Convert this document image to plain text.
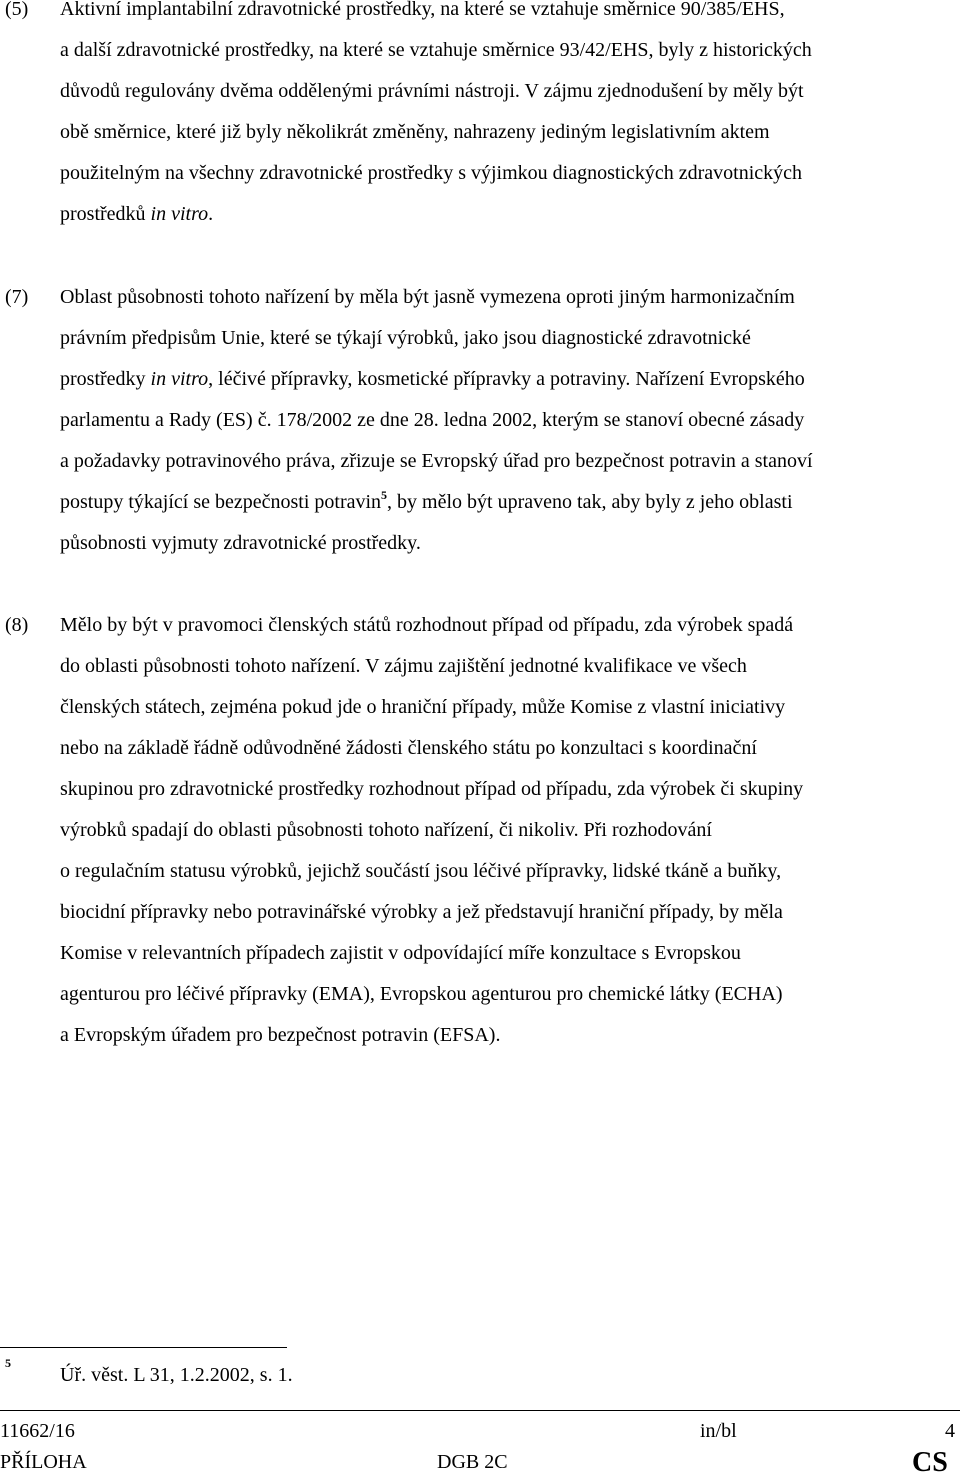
(5) Aktivní implantabilní zdravotnické prostředky, na které se vztahuje směrnice 90/385/EHS,
a další zdravotnické prostředky, na které se vztahuje směrnice 93/42/EHS, byly z historických
důvodů regulovány dvěma oddělenými právními nástroji. V zájmu zjednodušení by měly být
obě směrnice, které již byly několikrát změněny, nahrazeny jediným legislativním aktem
použitelným na všechny zdravotnické prostředky s výjimkou diagnostických zdravotnických
prostředků in vitro.
(7) Oblast působnosti tohoto nařízení by měla být jasně vymezena oproti jiným harmonizačním
právním předpisům Unie, které se týkají výrobků, jako jsou diagnostické zdravotnické
prostředky in vitro, léčivé přípravky, kosmetické přípravky a potraviny. Nařízení Evropského
parlamentu a Rady (ES) č. 178/2002 ze dne 28. ledna 2002, kterým se stanoví obecné zásady
a požadavky potravinového práva, zřizuje se Evropský úřad pro bezpečnost potravin a stanoví
postupy týkající se bezpečnosti potravin$^5$, by mělo být upraveno tak, aby byly z jeho oblasti
působnosti vyjmuty zdravotnické prostředky.
(8) Mělo by být v pravomoci členských států rozhodnout případ od případu, zda výrobek spadá
do oblasti působnosti tohoto nařízení. V zájmu zajištění jednotné kvalifikace ve všech
členských státech, zejména pokud jde o hraniční případy, může Komise z vlastní iniciativy
nebo na základě řádně odůvodněné žádosti členského státu po konzultaci s koordinační
skupinou pro zdravotnické prostředky rozhodnout případ od případu, zda výrobek či skupiny
výrobků spadají do oblasti působnosti tohoto nařízení, či nikoliv. Při rozhodování
o regulačním statusu výrobků, jejichž součástí jsou léčivé přípravky, lidské tkáně a buňky,
biocidní přípravky nebo potravinářské výrobky a jež představují hraniční případy, by měla
Komise v relevantních případech zajistit v odpovídající míře konzultace s Evropskou
agenturou pro léčivé přípravky (EMA), Evropskou agenturou pro chemické látky (ECHA)
a Evropským úřadem pro bezpečnost potravin (EFSA).
5
Úř. věst. L 31, 1.2.2002, s. 1.
11662/16	in/bl	4
PŘÍLOHA	DGB 2C	CS
